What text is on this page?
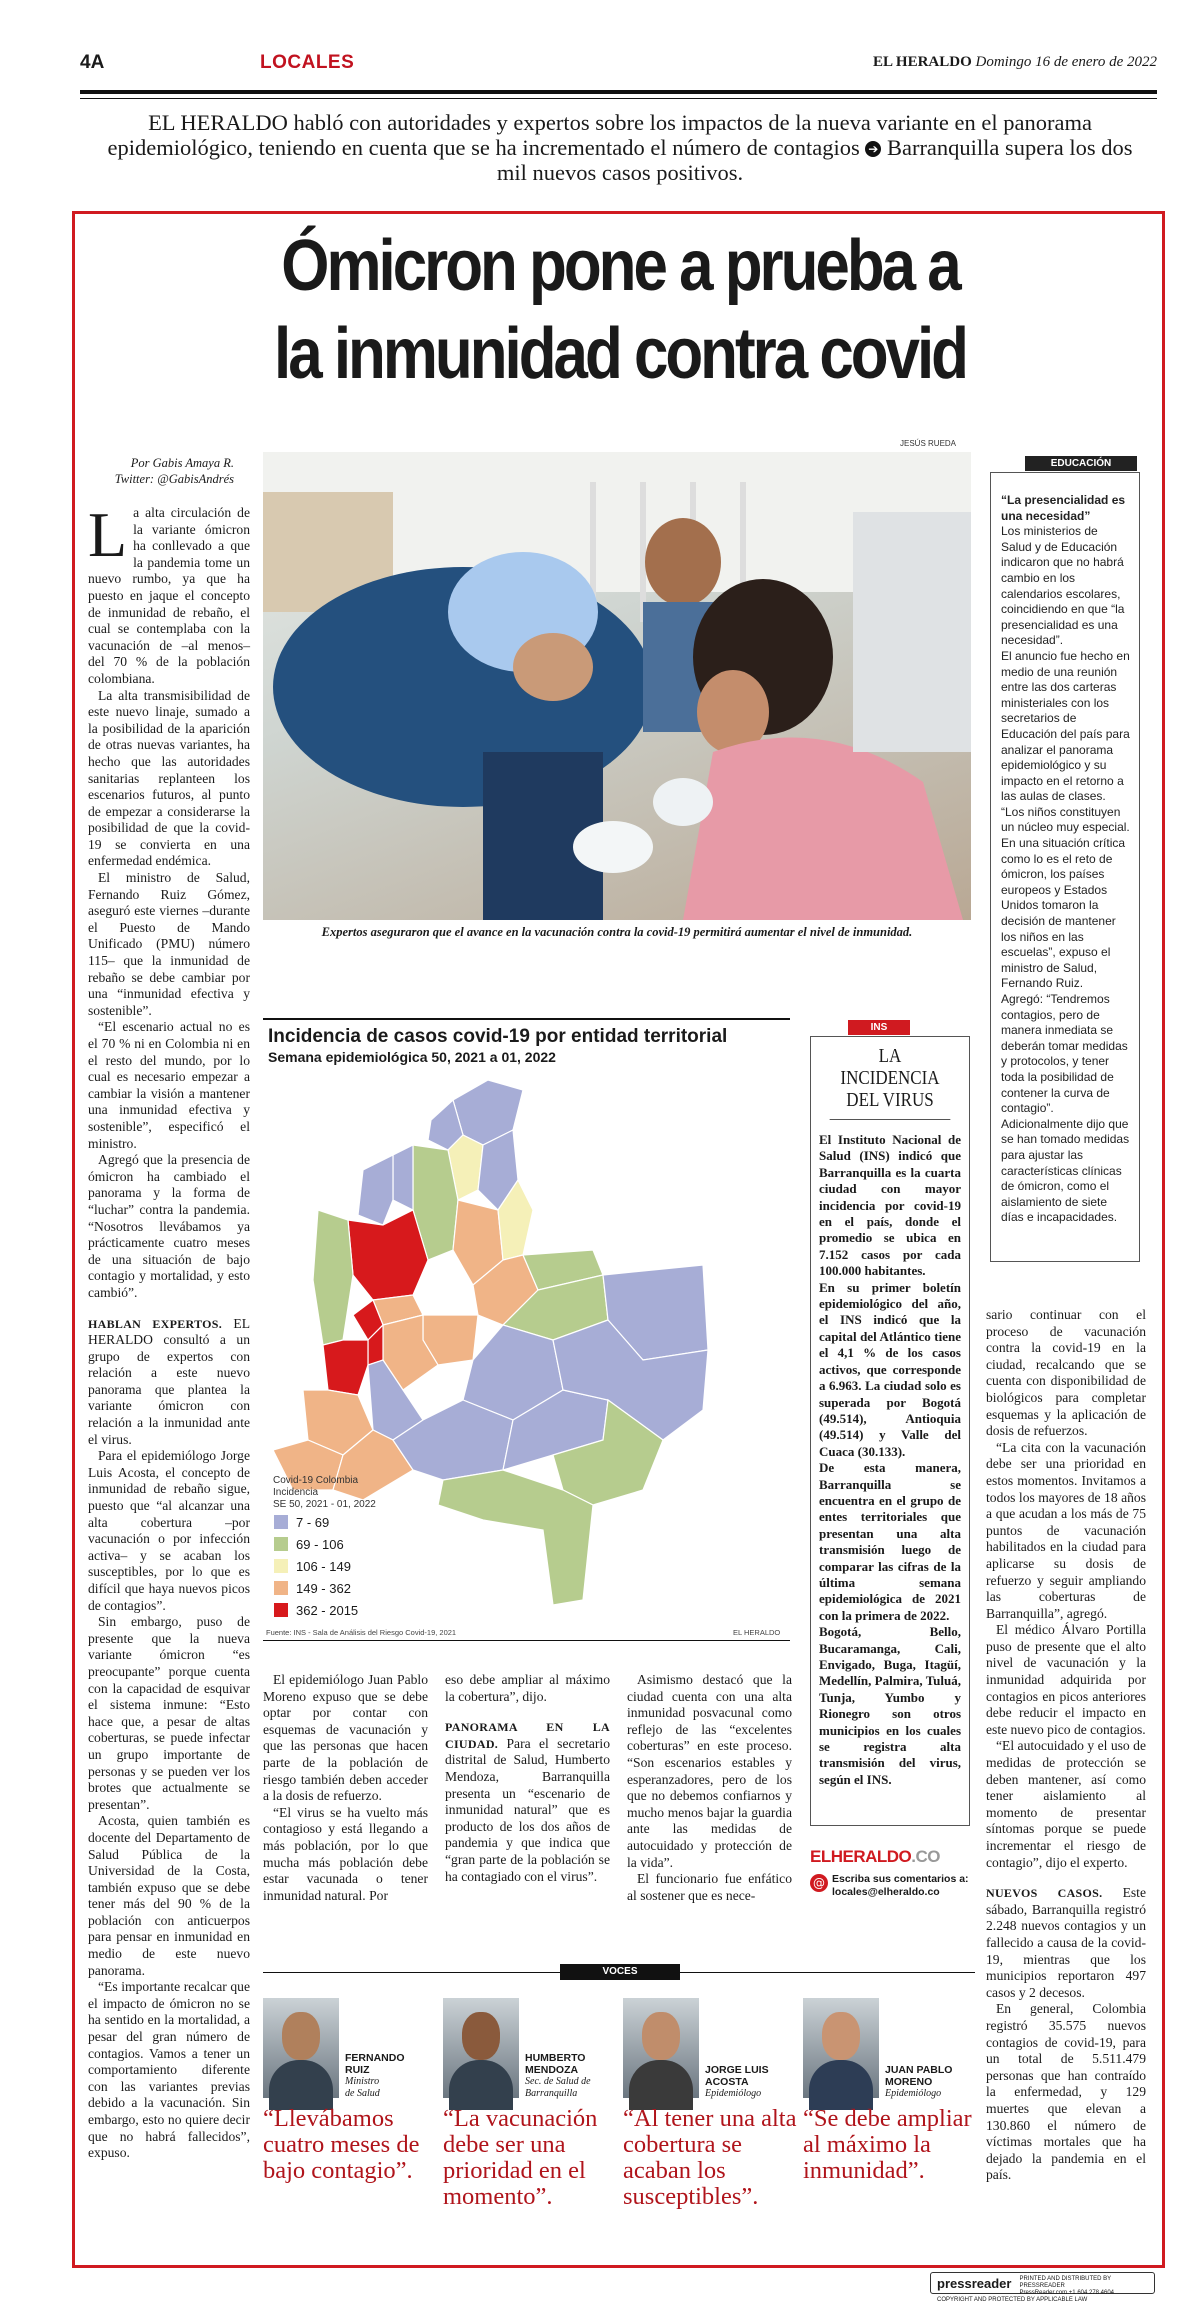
4A	LOCALES	EL HERALDO Domingo 16 de enero de 2022
EL HERALDO habló con autoridades y expertos sobre los impactos de la nueva variante en el panorama epidemiológico, teniendo en cuenta que se ha incrementado el número de contagios ➔ Barranquilla supera los dos mil nuevos casos positivos.
Ómicron pone a prueba a
la inmunidad contra covid
Por Gabis Amaya R.
Twitter: @GabisAndrés

La alta circulación de la variante ómicron ha conllevado a que la pandemia tome un nuevo rumbo, ya que ha puesto en jaque el concepto de inmunidad de rebaño, el cual se contemplaba con la vacunación de –al menos– del 70 % de la población colombiana.

La alta transmisibilidad de este nuevo linaje, sumado a la posibilidad de la aparición de otras nuevas variantes, ha hecho que las autoridades sanitarias replanteen los escenarios futuros, al punto de empezar a considerarse la posibilidad de que la covid-19 se convierta en una enfermedad endémica.

El ministro de Salud, Fernando Ruiz Gómez, aseguró este viernes –durante el Puesto de Mando Unificado (PMU) número 115– que la inmunidad de rebaño se debe cambiar por una “inmunidad efectiva y sostenible”.

“El escenario actual no es el 70 % ni en Colombia ni en el resto del mundo, por lo cual es necesario empezar a cambiar la visión a mantener una inmunidad efectiva y sostenible”, especificó el ministro.

Agregó que la presencia de ómicron ha cambiado el panorama y la forma de “luchar” contra la pandemia. “Nosotros llevábamos ya prácticamente cuatro meses de una situación de bajo contagio y mortalidad, y esto cambió”.

HABLAN EXPERTOS. EL HERALDO consultó a un grupo de expertos con relación a este nuevo panorama que plantea la variante ómicron con relación a la inmunidad ante el virus.

Para el epidemiólogo Jorge Luis Acosta, el concepto de inmunidad de rebaño sigue, puesto que “al alcanzar una alta cobertura –por vacunación o por infección activa– y se acaban los susceptibles, por lo que es difícil que haya nuevos picos de contagios”.

Sin embargo, puso de presente que la nueva variante ómicron “es preocupante” porque cuenta con la capacidad de esquivar el sistema inmune: “Esto hace que, a pesar de altas coberturas, se puede infectar un grupo importante de personas y se pueden ver los brotes que actualmente se presentan”.

Acosta, quien también es docente del Departamento de Salud Pública de la Universidad de la Costa, también expuso que se debe tener más del 90 % de la población con anticuerpos para pensar en inmunidad en medio de este nuevo panorama.

“Es importante recalcar que el impacto de ómicron no se ha sentido en la mortalidad, a pesar del gran número de contagios. Vamos a tener un comportamiento diferente con las variantes previas debido a la vacunación. Sin embargo, esto no quiere decir que no habrá fallecidos”, expuso.

JESÚS RUEDA
Expertos aseguraron que el avance en la vacunación contra la covid-19 permitirá aumentar el nivel de inmunidad.
EDUCACIÓN
“La presencialidad es una necesidad”
Los ministerios de Salud y de Educación indicaron que no habrá cambio en los calendarios escolares, coincidiendo en que “la presencialidad es una necesidad”.
El anuncio fue hecho en medio de una reunión entre las dos carteras ministeriales con los secretarios de Educación del país para analizar el panorama epidemiológico y su impacto en el retorno a las aulas de clases.
“Los niños constituyen un núcleo muy especial. En una situación crítica como lo es el reto de ómicron, los países europeos y Estados Unidos tomaron la decisión de mantener los niños en las escuelas”, expuso el ministro de Salud, Fernando Ruiz.
Agregó: “Tendremos contagios, pero de manera inmediata se deberán tomar medidas y protocolos, y tener toda la posibilidad de contener la curva de contagio”. Adicionalmente dijo que se han tomado medidas para ajustar las características clínicas de ómicron, como el aislamiento de siete días e incapacidades.
Incidencia de casos covid-19 por entidad territorial
Semana epidemiológica 50, 2021 a 01, 2022
Covid-19 Colombia
Incidencia
SE 50, 2021 - 01, 2022
7 - 69
69 - 106
106 - 149
149 - 362
362 - 2015
Fuente: INS - Sala de Análisis del Riesgo Covid-19, 2021	EL HERALDO
INS
LA INCIDENCIA DEL VIRUS

El Instituto Nacional de Salud (INS) indicó que Barranquilla es la cuarta ciudad con mayor incidencia por covid-19 en el país, donde el promedio se ubica en 7.152 casos por cada 100.000 habitantes.

En su primer boletín epidemiológico del año, el INS indicó que la capital del Atlántico tiene el 4,1 % de los casos activos, que corresponde a 6.963. La ciudad solo es superada por Bogotá (49.514), Antioquia (49.514) y Valle del Cuaca (30.133).

De esta manera, Barranquilla se encuentra en el grupo de entes territoriales que presentan una alta transmisión luego de comparar las cifras de la última semana epidemiológica de 2021 con la primera de 2022.

Bogotá, Bello, Bucaramanga, Cali, Envigado, Buga, Itagüí, Medellín, Palmira, Tuluá, Tunja, Yumbo y Rionegro son otros municipios en los cuales se registra alta transmisión del virus, según el INS.

El epidemiólogo Juan Pablo Moreno expuso que se debe optar por contar con esquemas de vacunación y que las personas que hacen parte de la población de riesgo también deben acceder a la dosis de refuerzo.

“El virus se ha vuelto más contagioso y está llegando a más población, por lo que mucha más población debe estar vacunada o tener inmunidad natural. Por

eso debe ampliar al máximo la cobertura”, dijo.

PANORAMA EN LA CIUDAD. Para el secretario distrital de Salud, Humberto Mendoza, Barranquilla presenta un “escenario de inmunidad natural” que es producto de los dos años de pandemia y que indica que “gran parte de la población se ha contagiado con el virus”.

Asimismo destacó que la ciudad cuenta con una alta inmunidad posvacunal como reflejo de las “excelentes coberturas” en este proceso. “Son escenarios estables y esperanzadores, pero de los que no debemos confiarnos y mucho menos bajar la guardia ante las medidas de autocuidado y protección de la vida”.

El funcionario fue enfático al sostener que es nece-

sario continuar con el proceso de vacunación contra la covid-19 en la ciudad, recalcando que se cuenta con disponibilidad de biológicos para completar esquemas y la aplicación de dosis de refuerzos.

“La cita con la vacunación debe ser una prioridad en estos momentos. Invitamos a todos los mayores de 18 años a que acudan a los más de 75 puntos de vacunación habilitados en la ciudad para aplicarse su dosis de refuerzo y seguir ampliando las coberturas de Barranquilla”, agregó.

El médico Álvaro Portilla puso de presente que el alto nivel de vacunación y la inmunidad adquirida por contagios en picos anteriores debe reducir el impacto en este nuevo pico de contagios.

“El autocuidado y el uso de medidas de protección se deben mantener, así como tener aislamiento al momento de presentar síntomas porque se puede incrementar el riesgo de contagio”, dijo el experto.

NUEVOS CASOS. Este sábado, Barranquilla registró 2.248 nuevos contagios y un fallecido a causa de la covid-19, mientras que los municipios reportaron 497 casos y 2 decesos.

En general, Colombia registró 35.575 nuevos contagios de covid-19, para un total de 5.511.479 personas que han contraído la enfermedad, y 129 muertes que elevan a 130.860 el número de víctimas mortales que ha dejado la pandemia en el país.

ELHERALDO.CO
@ Escriba sus comentarios a:
locales@elheraldo.co
VOCES
FERNANDO
RUIZ
Ministro
de Salud
“Llevábamos cuatro meses de bajo contagio”.
HUMBERTO
MENDOZA
Sec. de Salud de
Barranquilla
“La vacunación debe ser una prioridad en el momento”.
JORGE LUIS
ACOSTA
Epidemiólogo
“Al tener una alta cobertura se acaban los susceptibles”.
JUAN PABLO
MORENO
Epidemiólogo
“Se debe ampliar al máximo la inmunidad”.
pressreader	PRINTED AND DISTRIBUTED BY PRESSREADER
PressReader.com +1 604 278 4604
COPYRIGHT AND PROTECTED BY APPLICABLE LAW
